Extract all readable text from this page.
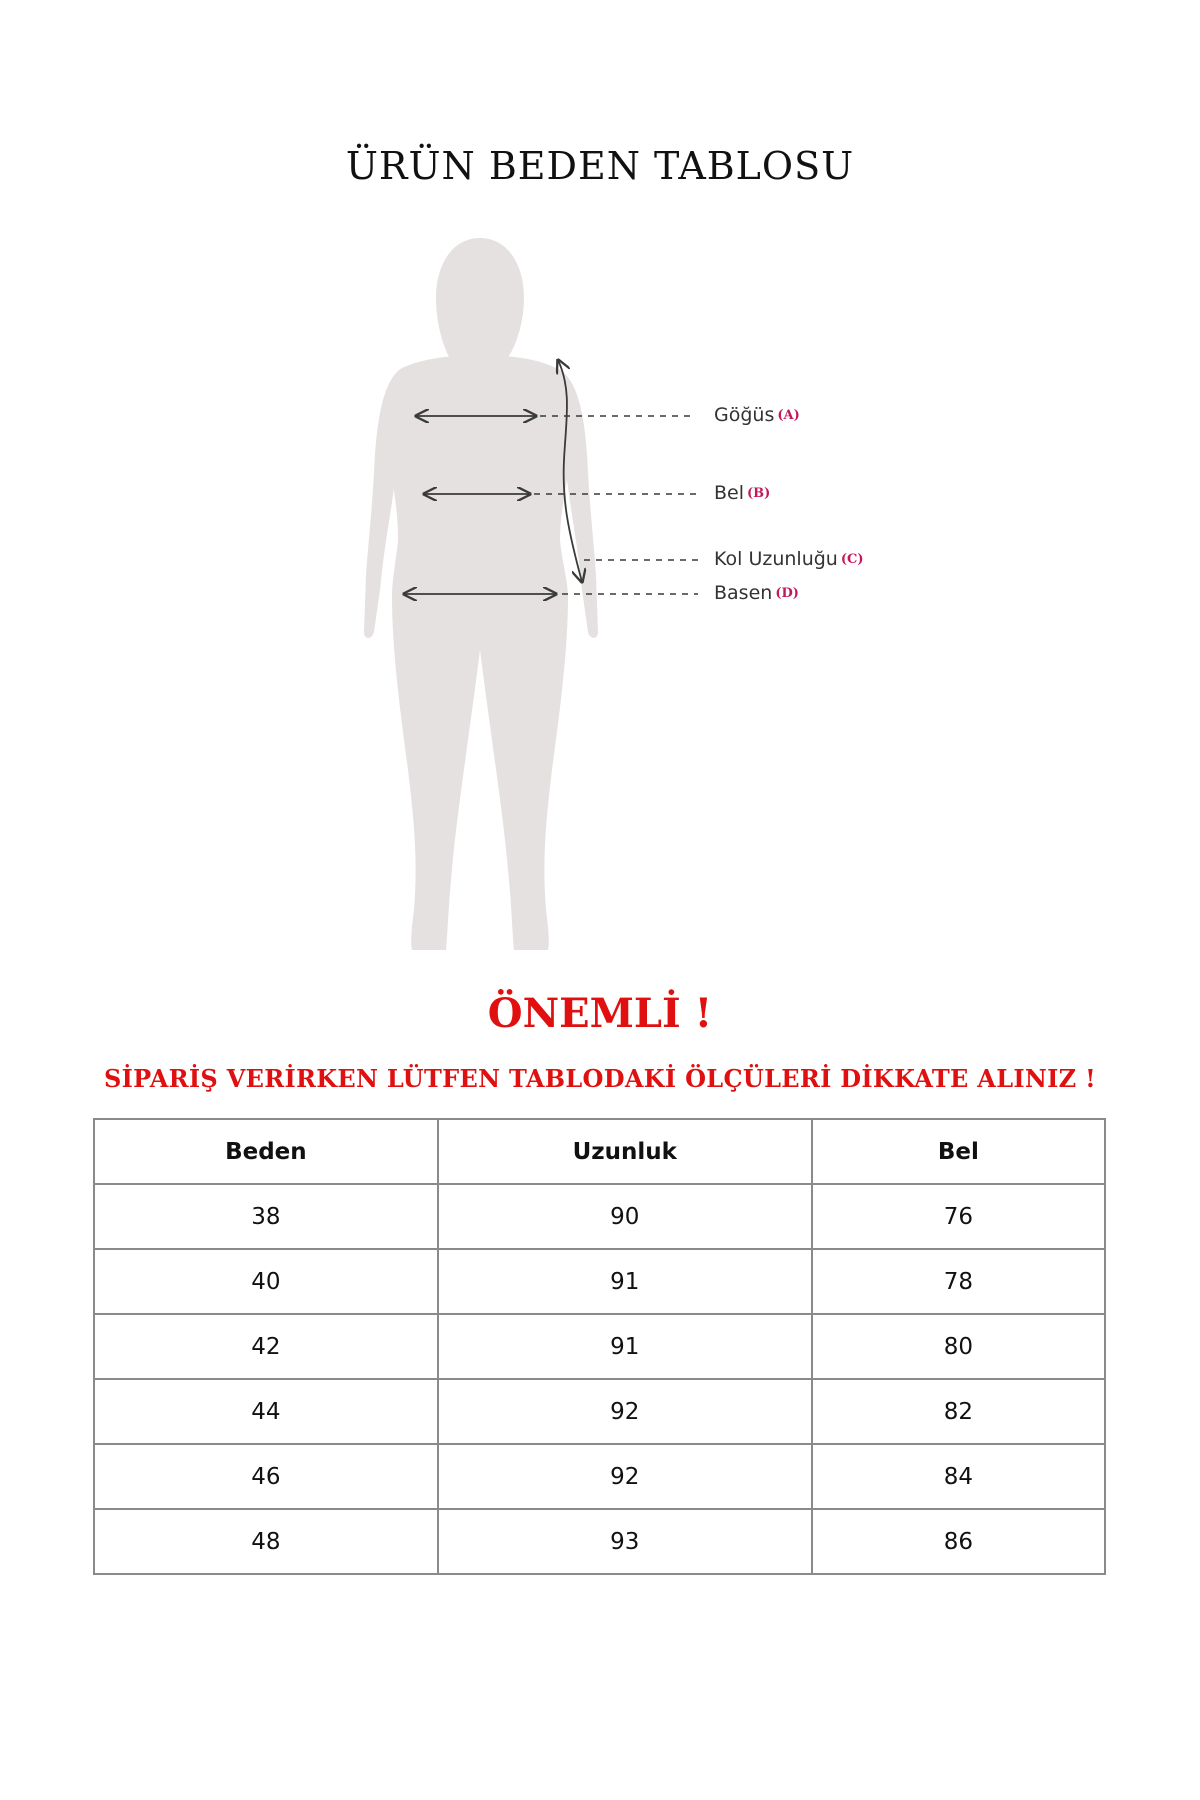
ÜRÜN BEDEN TABLOSU
Göğüs (A)
Bel (B)
Kol Uzunluğu (C)
Basen (D)
ÖNEMLİ !
SİPARİŞ VERİRKEN LÜTFEN TABLODAKİ ÖLÇÜLERİ DİKKATE ALINIZ !
Beden	Uzunluk	Bel
38	90	76
40	91	78
42	91	80
44	92	82
46	92	84
48	93	86
